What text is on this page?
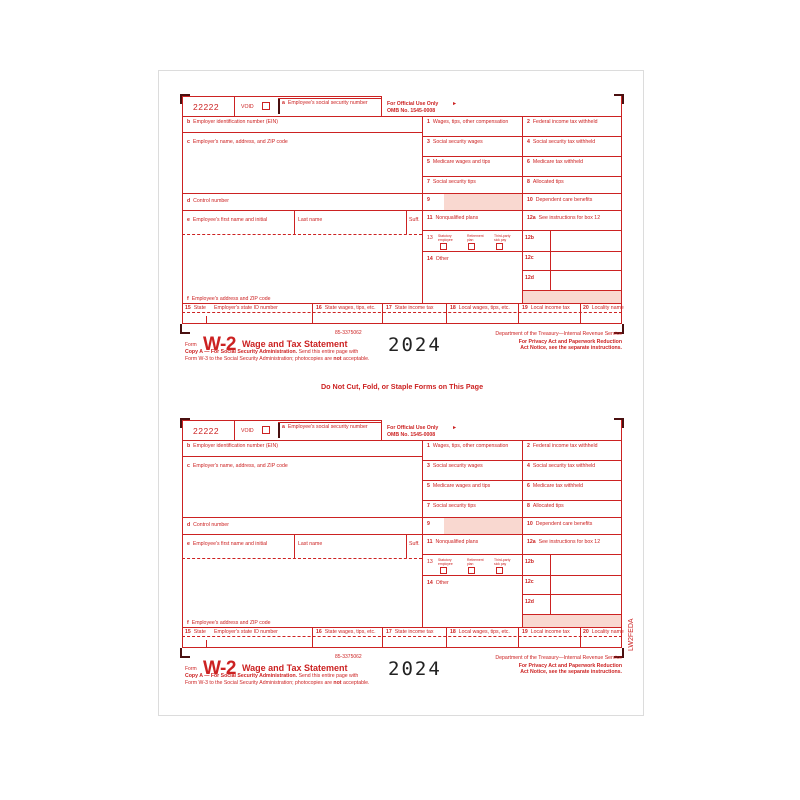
22222	VOID
a Employee's social security number	For Official Use Only	►
OMB No. 1545-0008
b Employer identification number (EIN)
c Employer's name, address, and ZIP code
d Control number
e Employee's first name and initial	Last name	Suff.
f Employee's address and ZIP code
1 Wages, tips, other compensation	2 Federal income tax withheld
3 Social security wages	4 Social security tax withheld
5 Medicare wages and tips	6 Medicare tax withheld
7 Social security tips	8 Allocated tips
9	10 Dependent care benefits
11 Nonqualified plans	12a See instructions for box 12
13 Statutory employee
Retirement plan
Third-party sick pay
14 Other
12b
12c
12d
15 State Employer's state ID number	16 State wages, tips, etc. 17 State income tax	18 Local wages, tips, etc. 19 Local income tax	20 Locality name
Form W-2 Wage and Tax Statement
85-3375062
2024	Department of the Treasury—Internal Revenue Service
For Privacy Act and Paperwork Reduction
Act Notice, see the separate instructions.
Copy A — For Social Security Administration. Send this entire page with
Form W-3 to the Social Security Administration; photocopies are not acceptable.
Do Not Cut, Fold, or Staple Forms on This Page
22222	VOID
a Employee's social security number	For Official Use Only	►
OMB No. 1545-0008
b Employer identification number (EIN)
c Employer's name, address, and ZIP code
d Control number
e Employee's first name and initial	Last name	Suff.
f Employee's address and ZIP code
1 Wages, tips, other compensation	2 Federal income tax withheld
3 Social security wages	4 Social security tax withheld
5 Medicare wages and tips	6 Medicare tax withheld
7 Social security tips	8 Allocated tips
9	10 Dependent care benefits
11 Nonqualified plans	12a See instructions for box 12
13 Statutory employee
Retirement plan
Third-party sick pay
14 Other
12b
12c
12d
15 State Employer's state ID number	16 State wages, tips, etc. 17 State income tax	18 Local wages, tips, etc. 19 Local income tax	20 Locality name
Form W-2 Wage and Tax Statement
85-3375062
2024	Department of the Treasury—Internal Revenue Service
For Privacy Act and Paperwork Reduction
Act Notice, see the separate instructions.
Copy A — For Social Security Administration. Send this entire page with
Form W-3 to the Social Security Administration; photocopies are not acceptable.
LW2FEDA
